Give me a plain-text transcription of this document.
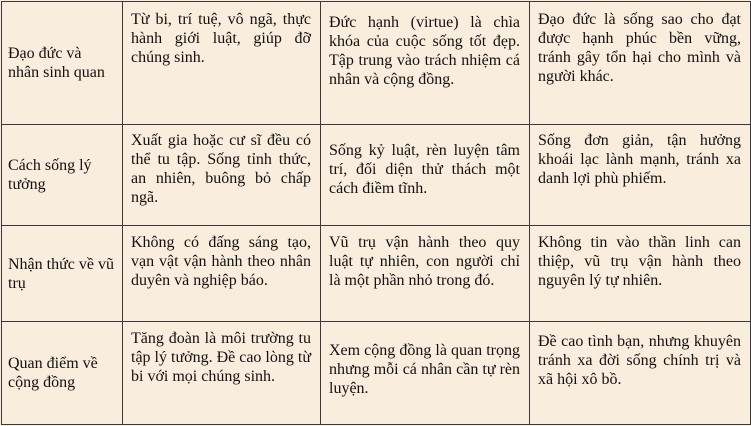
Đạo đức và nhân sinh quan	Từ bi, trí tuệ, vô ngã, thực hành giới luật, giúp đỡ chúng sinh.	Đức hạnh (virtue) là chìa khóa của cuộc sống tốt đẹp. Tập trung vào trách nhiệm cá nhân và cộng đồng.	Đạo đức là sống sao cho đạt được hạnh phúc bền vững, tránh gây tổn hại cho mình và người khác.

Cách sống lý tưởng	Xuất gia hoặc cư sĩ đều có thể tu tập. Sống tỉnh thức, an nhiên, buông bỏ chấp ngã.	Sống kỷ luật, rèn luyện tâm trí, đối diện thử thách một cách điềm tĩnh.	Sống đơn giản, tận hưởng khoái lạc lành mạnh, tránh xa danh lợi phù phiếm.

Nhận thức về vũ trụ	Không có đấng sáng tạo, vạn vật vận hành theo nhân duyên và nghiệp báo.	Vũ trụ vận hành theo quy luật tự nhiên, con người chỉ là một phần nhỏ trong đó.	Không tin vào thần linh can thiệp, vũ trụ vận hành theo nguyên lý tự nhiên.

Quan điểm về cộng đồng	Tăng đoàn là môi trường tu tập lý tưởng. Đề cao lòng từ bi với mọi chúng sinh.	Xem cộng đồng là quan trọng nhưng mỗi cá nhân cần tự rèn luyện.	Đề cao tình bạn, nhưng khuyên tránh xa đời sống chính trị và xã hội xô bồ.
